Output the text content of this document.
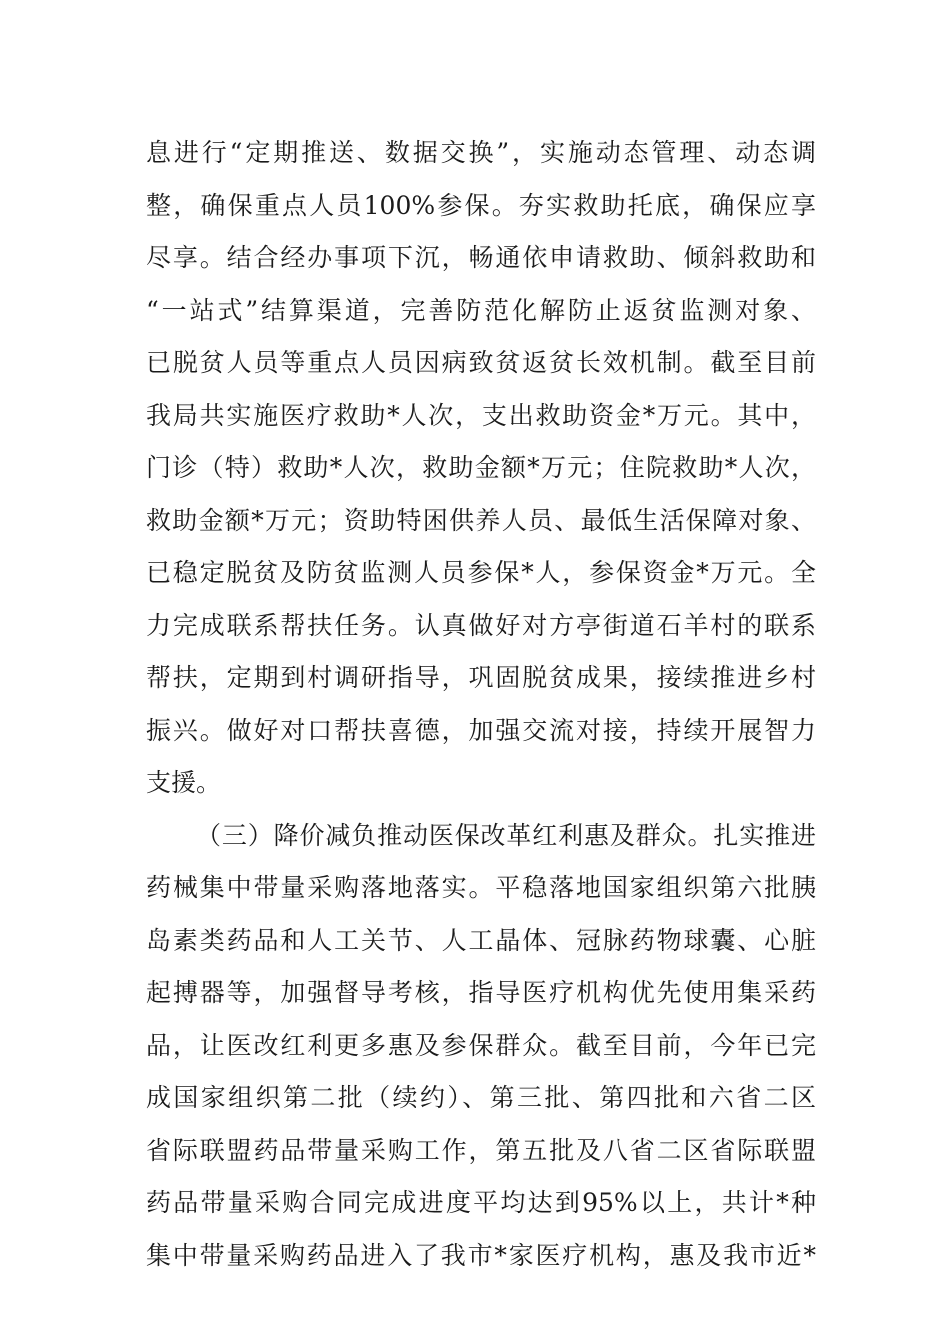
息进行“定期推送、数据交换”，实施动态管理、动态调
整，确保重点人员100%参保。夯实救助托底，确保应享
尽享。结合经办事项下沉，畅通依申请救助、倾斜救助和
“一站式”结算渠道，完善防范化解防止返贫监测对象、
已脱贫人员等重点人员因病致贫返贫长效机制。截至目前
我局共实施医疗救助*人次，支出救助资金*万元。其中，
门诊（特）救助*人次，救助金额*万元；住院救助*人次，
救助金额*万元；资助特困供养人员、最低生活保障对象、
已稳定脱贫及防贫监测人员参保*人，参保资金*万元。全
力完成联系帮扶任务。认真做好对方亭街道石羊村的联系
帮扶，定期到村调研指导，巩固脱贫成果，接续推进乡村
振兴。做好对口帮扶喜德，加强交流对接，持续开展智力
支援。
（三）降价减负推动医保改革红利惠及群众。扎实推进
药械集中带量采购落地落实。平稳落地国家组织第六批胰
岛素类药品和人工关节、人工晶体、冠脉药物球囊、心脏
起搏器等，加强督导考核，指导医疗机构优先使用集采药
品，让医改红利更多惠及参保群众。截至目前，今年已完
成国家组织第二批（续约）、第三批、第四批和六省二区
省际联盟药品带量采购工作，第五批及八省二区省际联盟
药品带量采购合同完成进度平均达到95%以上，共计*种
集中带量采购药品进入了我市*家医疗机构，惠及我市近*
